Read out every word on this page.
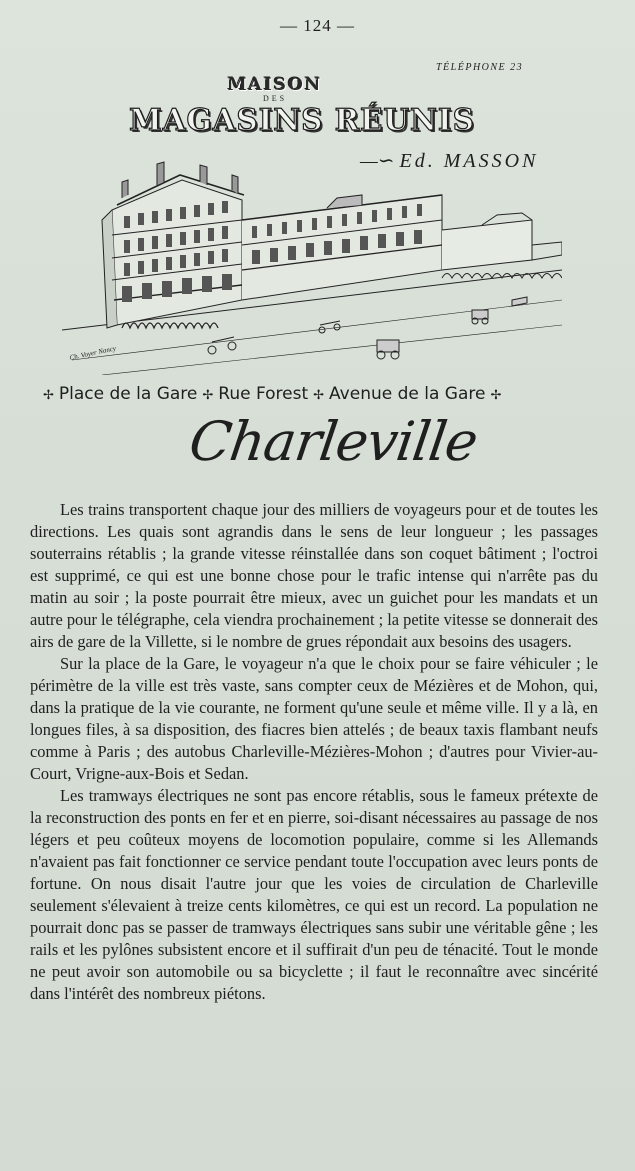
— 124 —
TÉLÉPHONE 23
MAISON
DES
MAGASINS RÉUNIS
—∽ Ed. MASSON
Ch. Voyer Nancy
✢ Place de la Gare ✢ Rue Forest ✢ Avenue de la Gare ✢
Charleville

Les trains transportent chaque jour des milliers de voyageurs pour et de toutes les directions. Les quais sont agrandis dans le sens de leur longueur ; les passages souterrains rétablis ; la grande vitesse réinstallée dans son coquet bâtiment ; l'octroi est supprimé, ce qui est une bonne chose pour le trafic intense qui n'arrête pas du matin au soir ; la poste pourrait être mieux, avec un guichet pour les mandats et un autre pour le télégraphe, cela viendra prochainement ; la petite vitesse se donnerait des airs de gare de la Villette, si le nombre de grues répondait aux besoins des usagers.

Sur la place de la Gare, le voyageur n'a que le choix pour se faire véhiculer ; le périmètre de la ville est très vaste, sans compter ceux de Mézières et de Mohon, qui, dans la pratique de la vie courante, ne forment qu'une seule et même ville. Il y a là, en longues files, à sa disposition, des fiacres bien attelés ; de beaux taxis flambant neufs comme à Paris ; des autobus Charleville-Mézières-Mohon ; d'autres pour Vivier-au-Court, Vrigne-aux-Bois et Sedan.

Les tramways électriques ne sont pas encore rétablis, sous le fameux prétexte de la reconstruction des ponts en fer et en pierre, soi-disant nécessaires au passage de nos légers et peu coûteux moyens de locomotion populaire, comme si les Allemands n'avaient pas fait fonctionner ce service pendant toute l'occupation avec leurs ponts de fortune. On nous disait l'autre jour que les voies de circulation de Charleville seulement s'élevaient à treize cents kilomètres, ce qui est un record. La population ne pourrait donc pas se passer de tramways électriques sans subir une véritable gêne ; les rails et les pylônes subsistent encore et il suffirait d'un peu de ténacité. Tout le monde ne peut avoir son automobile ou sa bicyclette ; il faut le reconnaître avec sincérité dans l'intérêt des nombreux piétons.
